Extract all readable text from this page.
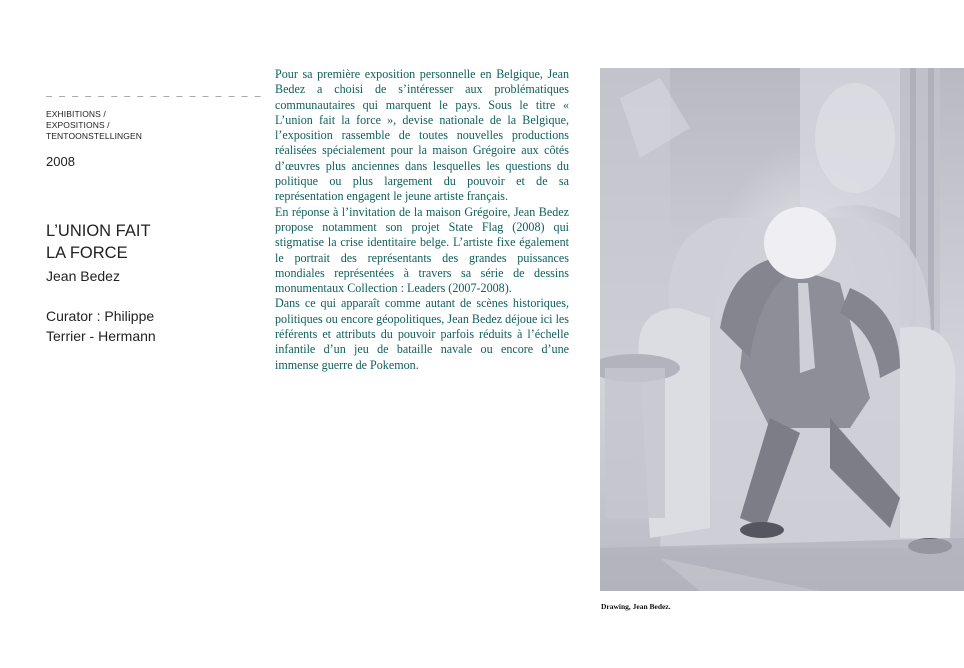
_ _ _ _ _ _ _ _ _ _ _ _ _ _ _ _ _
EXHIBITIONS /
EXPOSITIONS /
TENTOONSTELLINGEN
2008
L’UNION FAIT
LA FORCE
Jean Bedez
Curator : Philippe
Terrier - Hermann

Pour sa première exposition personnelle en Belgique, Jean Bedez a choisi de s’intéresser aux problématiques communautaires qui marquent le pays. Sous le titre « L’union fait la force », devise nationale de la Belgique, l’exposition rassemble de toutes nouvelles productions réalisées spécialement pour la maison Grégoire aux côtés d’œuvres plus anciennes dans lesquelles les questions du politique ou plus largement du pouvoir et de sa représentation engagent le jeune artiste français.

En réponse à l’invitation de la maison Grégoire, Jean Bedez propose notamment son projet State Flag (2008) qui stigmatise la crise identitaire belge. L’artiste fixe également le portrait des représentants des grandes puissances mondiales représentées à travers sa série de dessins monumentaux Collection : Leaders (2007-2008).

Dans ce qui apparaît comme autant de scènes historiques, politiques ou encore géopolitiques, Jean Bedez déjoue ici les référents et attributs du pouvoir parfois réduits à l’échelle infantile d’un jeu de bataille navale ou encore d’une immense guerre de Pokemon.

Drawing, Jean Bedez.
